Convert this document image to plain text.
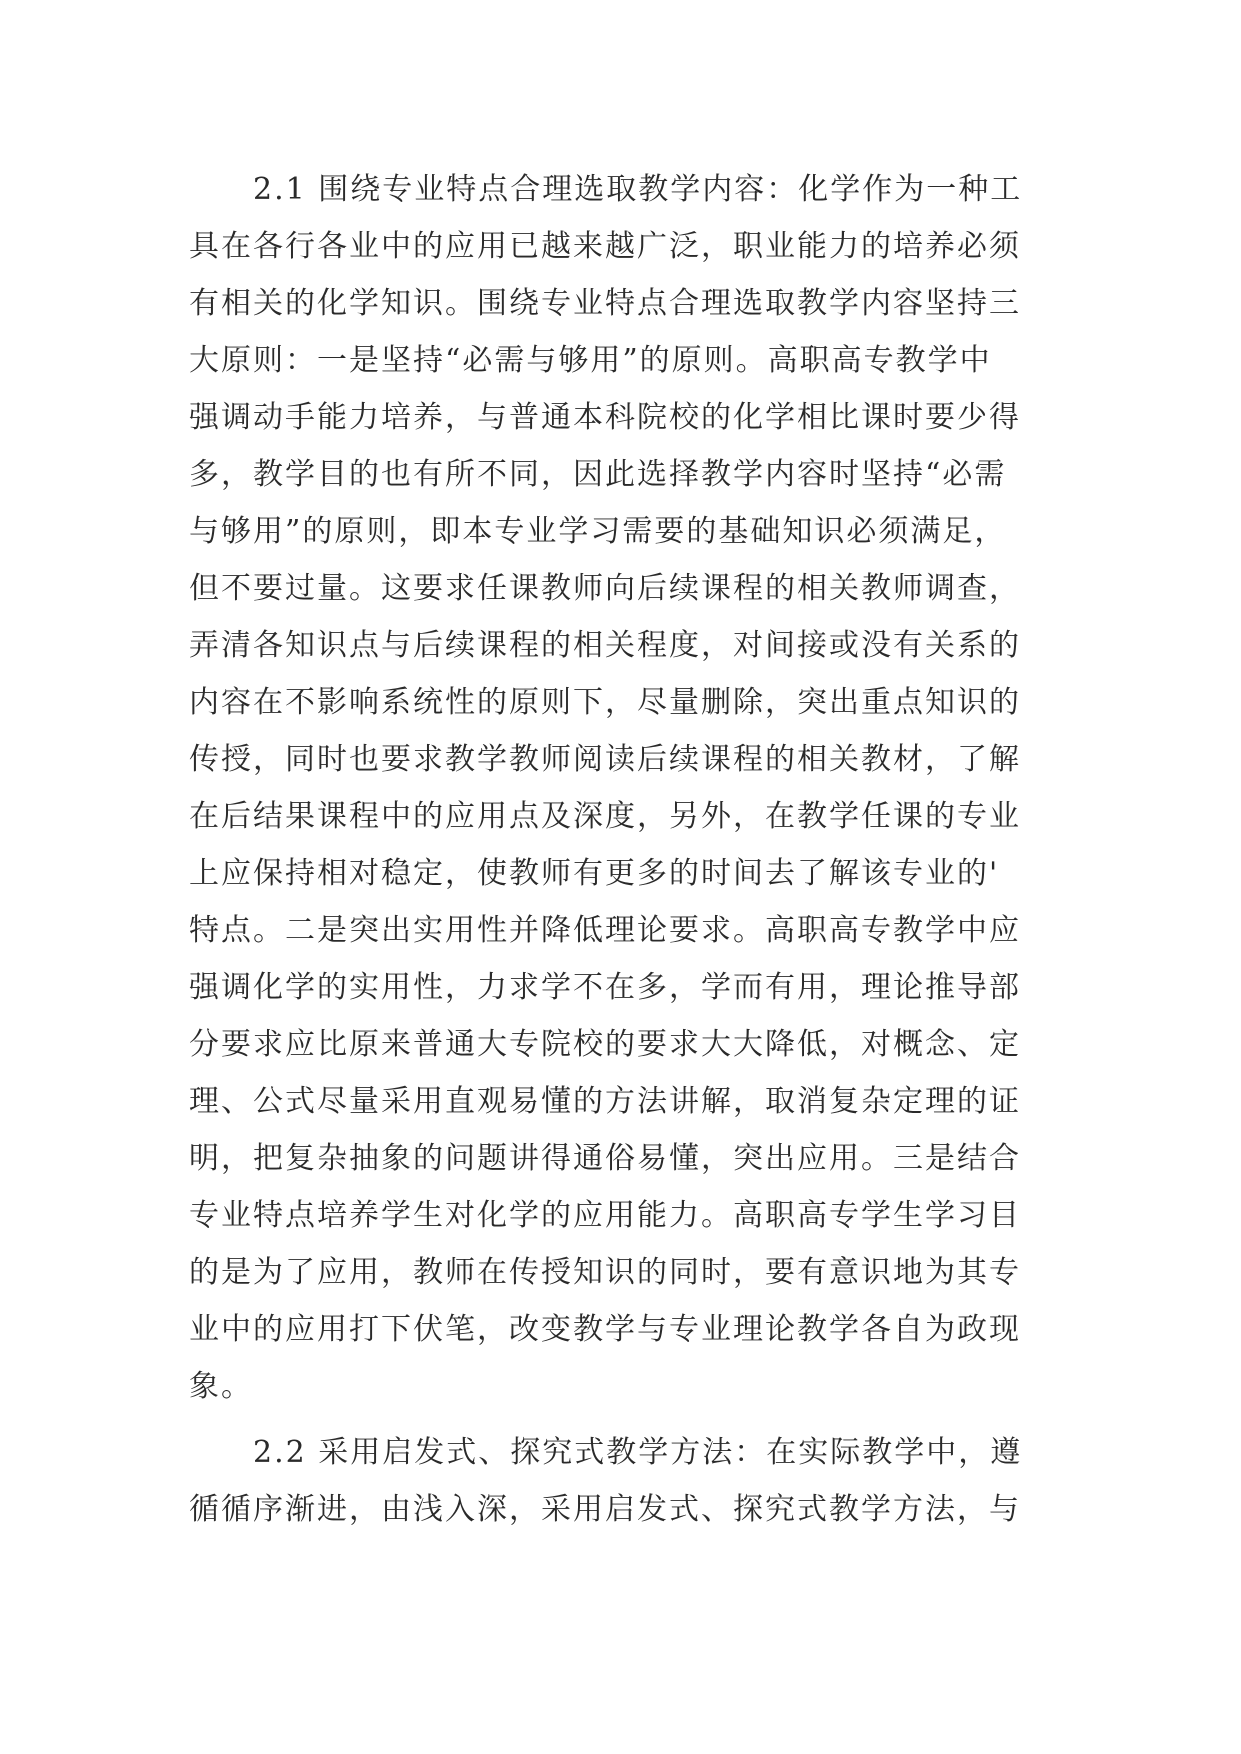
2.1 围绕专业特点合理选取教学内容：化学作为一种工
具在各行各业中的应用已越来越广泛，职业能力的培养必须
有相关的化学知识。围绕专业特点合理选取教学内容坚持三
大原则：一是坚持“必需与够用”的原则。高职高专教学中
强调动手能力培养，与普通本科院校的化学相比课时要少得
多，教学目的也有所不同，因此选择教学内容时坚持“必需
与够用”的原则，即本专业学习需要的基础知识必须满足，
但不要过量。这要求任课教师向后续课程的相关教师调查，
弄清各知识点与后续课程的相关程度，对间接或没有关系的
内容在不影响系统性的原则下，尽量删除，突出重点知识的
传授，同时也要求教学教师阅读后续课程的相关教材，了解
在后结果课程中的应用点及深度，另外，在教学任课的专业
上应保持相对稳定，使教师有更多的时间去了解该专业的'
特点。二是突出实用性并降低理论要求。高职高专教学中应
强调化学的实用性，力求学不在多，学而有用，理论推导部
分要求应比原来普通大专院校的要求大大降低，对概念、定
理、公式尽量采用直观易懂的方法讲解，取消复杂定理的证
明，把复杂抽象的问题讲得通俗易懂，突出应用。三是结合
专业特点培养学生对化学的应用能力。高职高专学生学习目
的是为了应用，教师在传授知识的同时，要有意识地为其专
业中的应用打下伏笔，改变教学与专业理论教学各自为政现
象。
2.2 采用启发式、探究式教学方法：在实际教学中，遵
循循序渐进，由浅入深，采用启发式、探究式教学方法，与
